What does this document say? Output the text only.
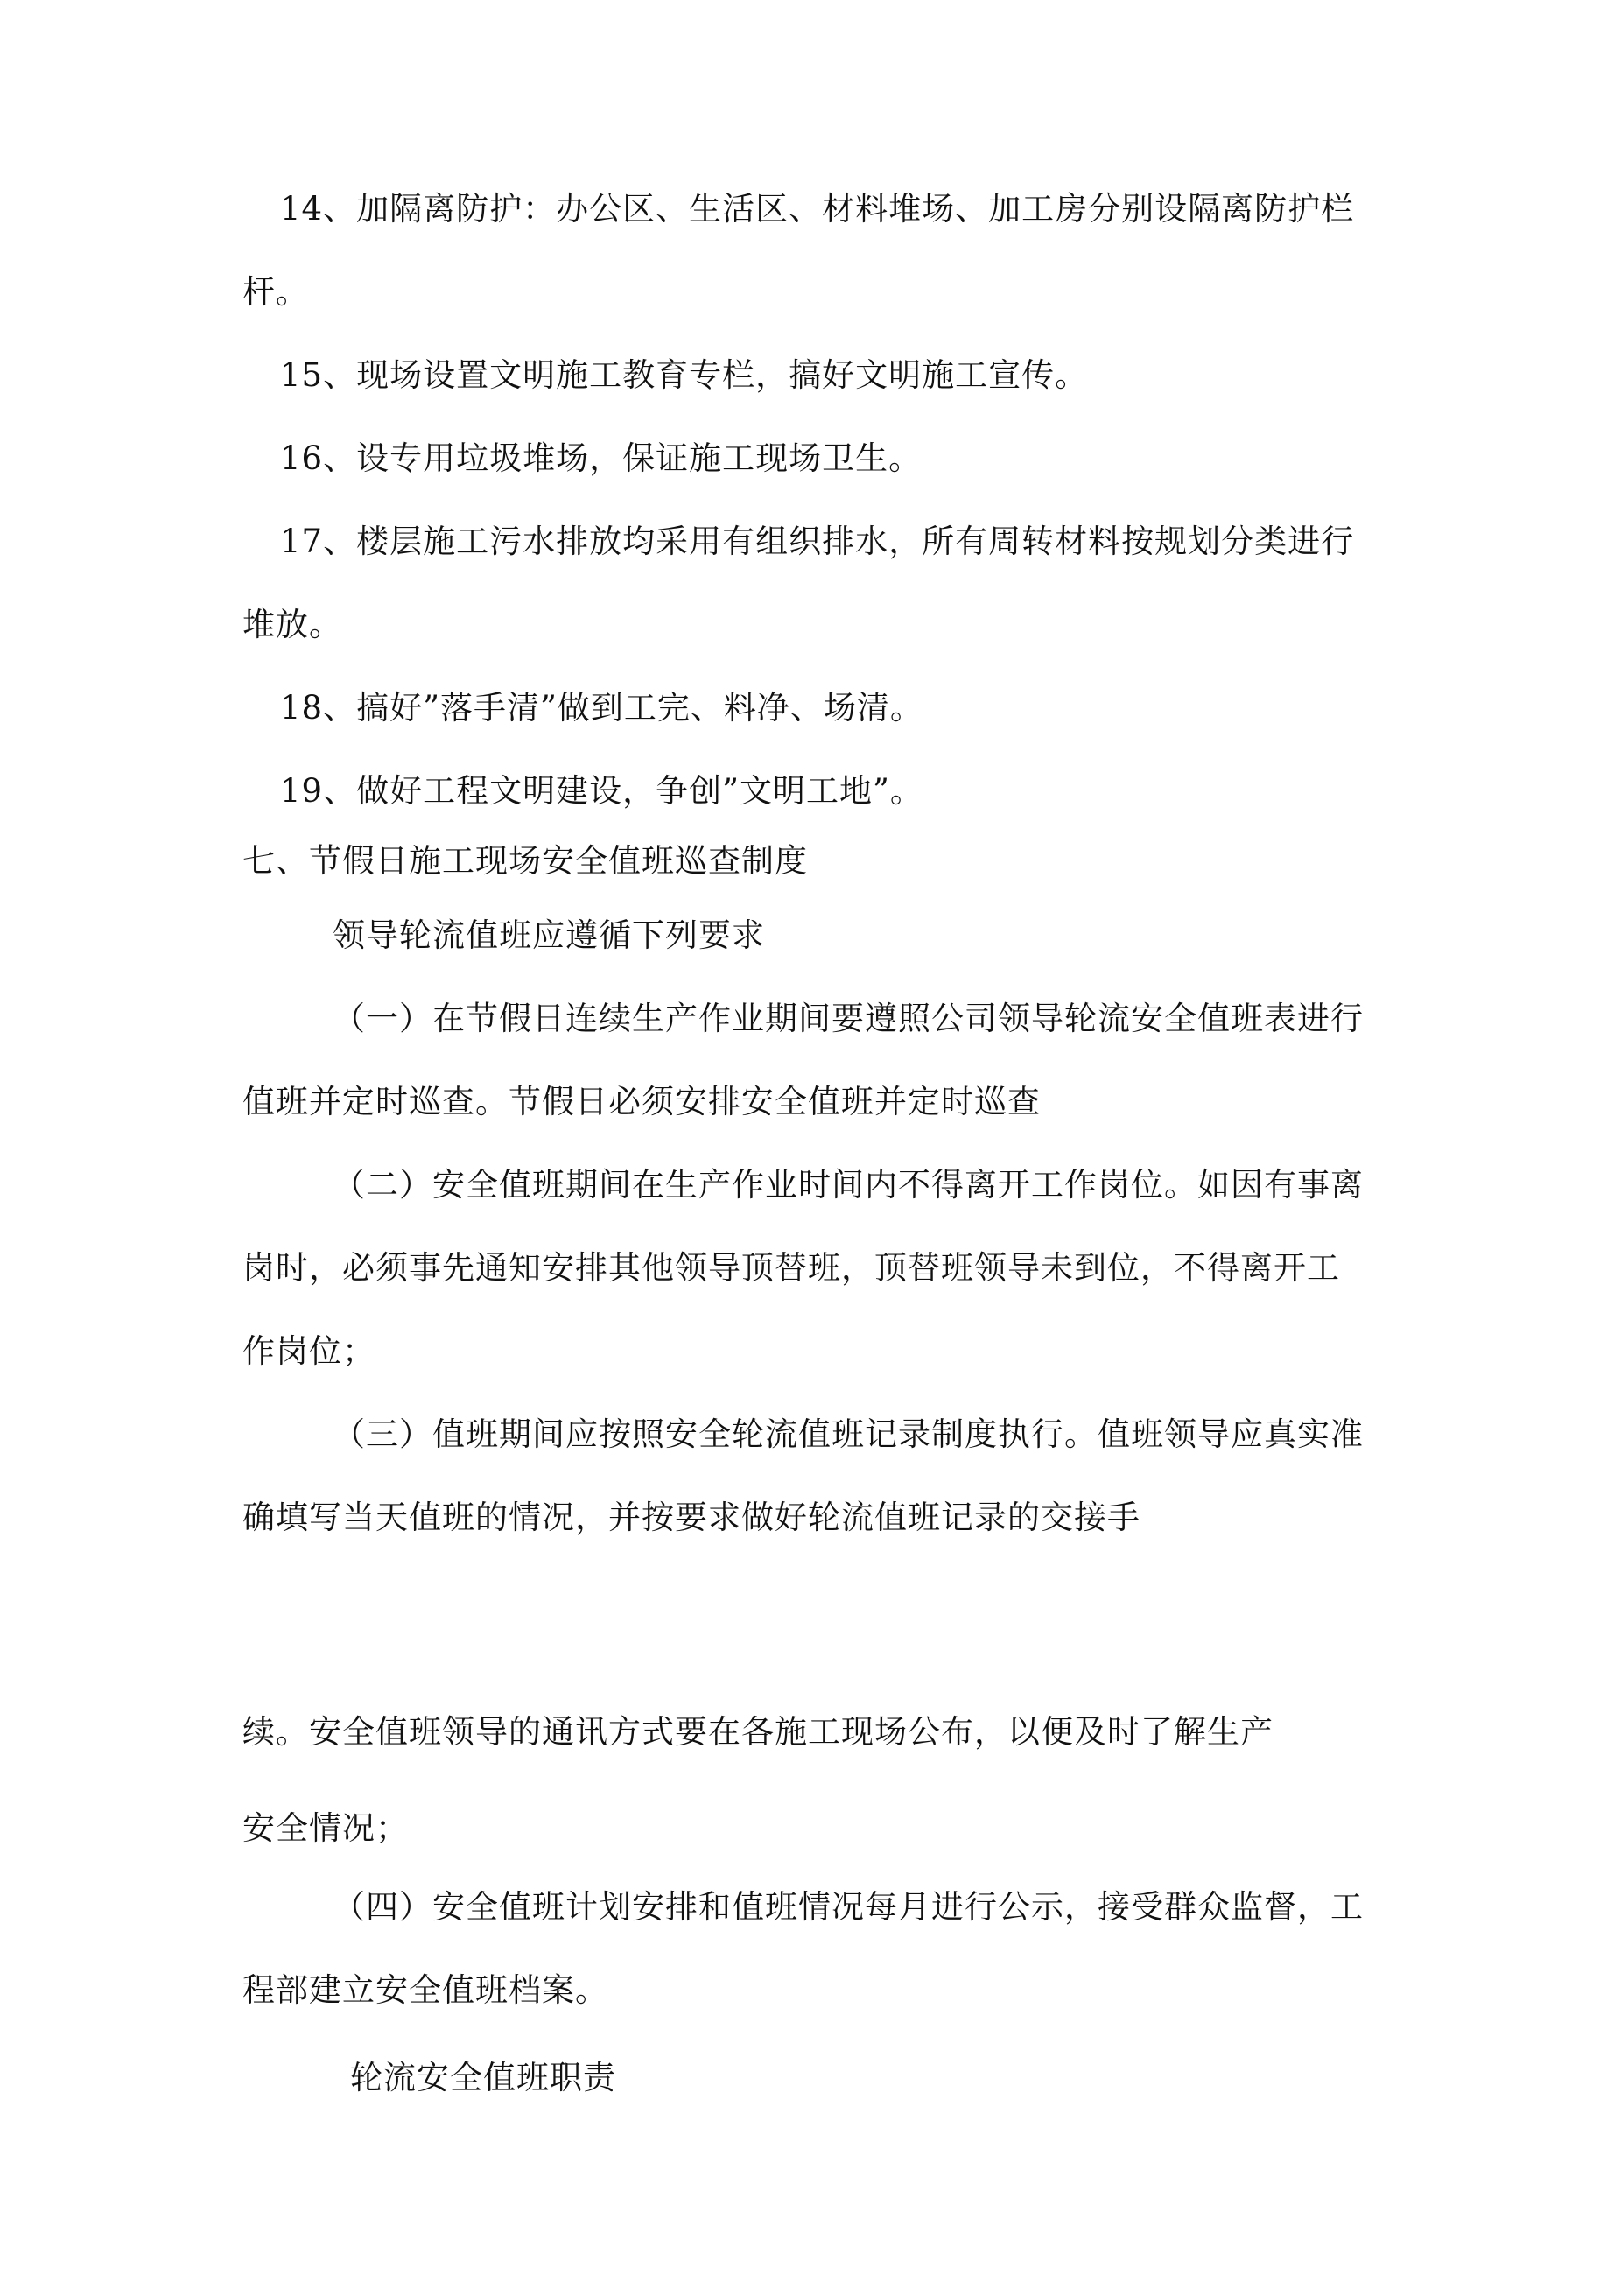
14、加隔离防护：办公区、生活区、材料堆场、加工房分别设隔离防护栏

杆。

15、现场设置文明施工教育专栏，搞好文明施工宣传。

16、设专用垃圾堆场，保证施工现场卫生。

17、楼层施工污水排放均采用有组织排水，所有周转材料按规划分类进行

堆放。

18、搞好”落手清”做到工完、料净、场清。

19、做好工程文明建设，争创”文明工地”。

七、节假日施工现场安全值班巡查制度

领导轮流值班应遵循下列要求

（一）在节假日连续生产作业期间要遵照公司领导轮流安全值班表进行

值班并定时巡查。节假日必须安排安全值班并定时巡查

（二）安全值班期间在生产作业时间内不得离开工作岗位。如因有事离

岗时，必须事先通知安排其他领导顶替班，顶替班领导未到位，不得离开工

作岗位；

（三）值班期间应按照安全轮流值班记录制度执行。值班领导应真实准

确填写当天值班的情况，并按要求做好轮流值班记录的交接手

续。安全值班领导的通讯方式要在各施工现场公布，以便及时了解生产

安全情况；

（四）安全值班计划安排和值班情况每月进行公示，接受群众监督，工

程部建立安全值班档案。

轮流安全值班职责
